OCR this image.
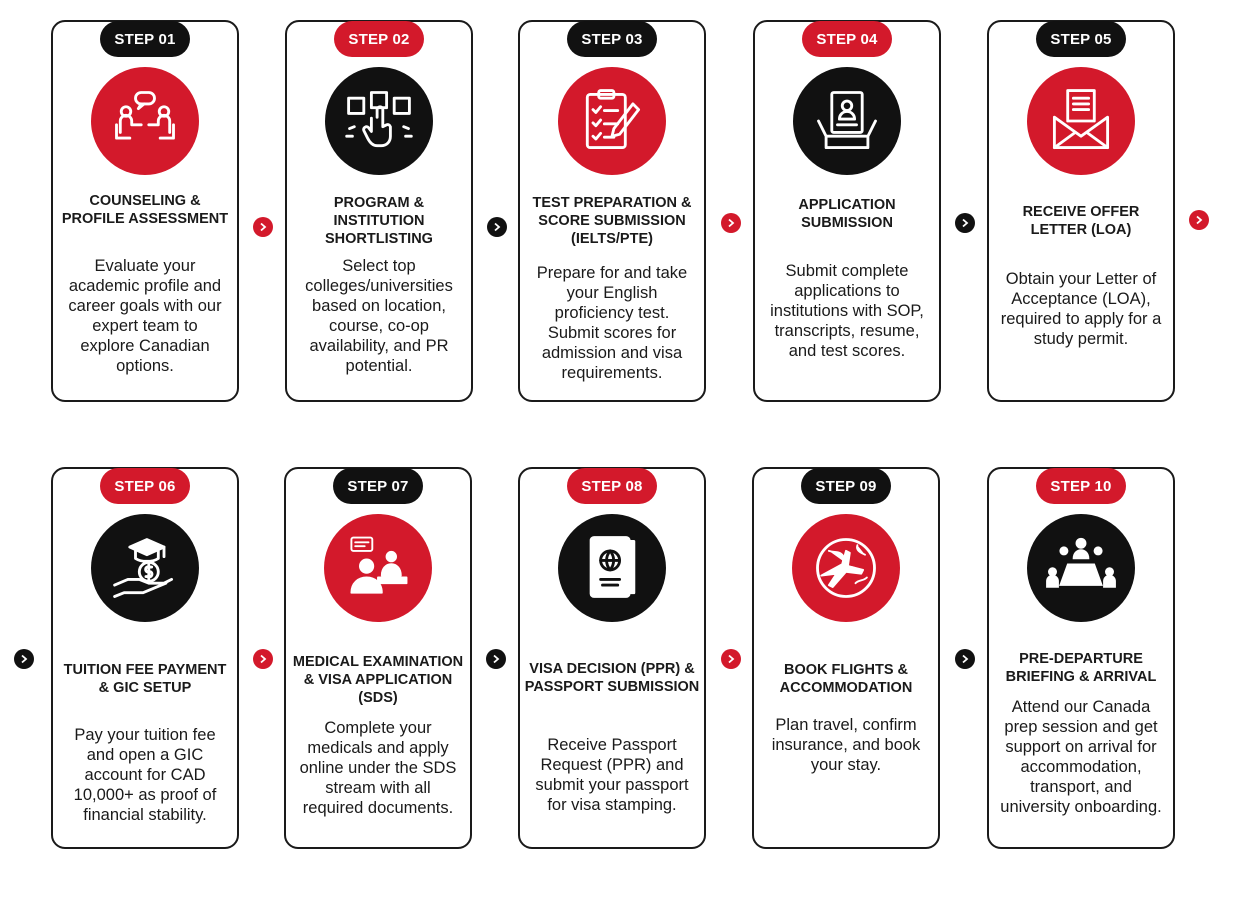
STEP 01
COUNSELING & PROFILE ASSESSMENT
Evaluate your academic profile and career goals with our expert team to explore Canadian options.
STEP 02
PROGRAM & INSTITUTION SHORTLISTING
Select top colleges/universities based on location, course, co-op availability, and PR potential.
STEP 03
TEST PREPARATION & SCORE SUBMISSION (IELTS/PTE)
Prepare for and take your English proficiency test. Submit scores for admission and visa requirements.
STEP 04
APPLICATION SUBMISSION
Submit complete applications to institutions with SOP, transcripts, resume, and test scores.
STEP 05
RECEIVE OFFER LETTER (LOA)
Obtain your Letter of Acceptance (LOA), required to apply for a study permit.
STEP 06
TUITION FEE PAYMENT & GIC SETUP
Pay your tuition fee and open a GIC account for CAD 10,000+ as proof of financial stability.
STEP 07
MEDICAL EXAMINATION & VISA APPLICATION (SDS)
Complete your medicals and apply online under the SDS stream with all required documents.
STEP 08
VISA DECISION (PPR) & PASSPORT SUBMISSION
Receive Passport Request (PPR) and submit your passport for visa stamping.
STEP 09
BOOK FLIGHTS & ACCOMMODATION
Plan travel, confirm insurance, and book your stay.
STEP 10
PRE-DEPARTURE BRIEFING & ARRIVAL
Attend our Canada prep session and get support on arrival for accommodation, transport, and university onboarding.
